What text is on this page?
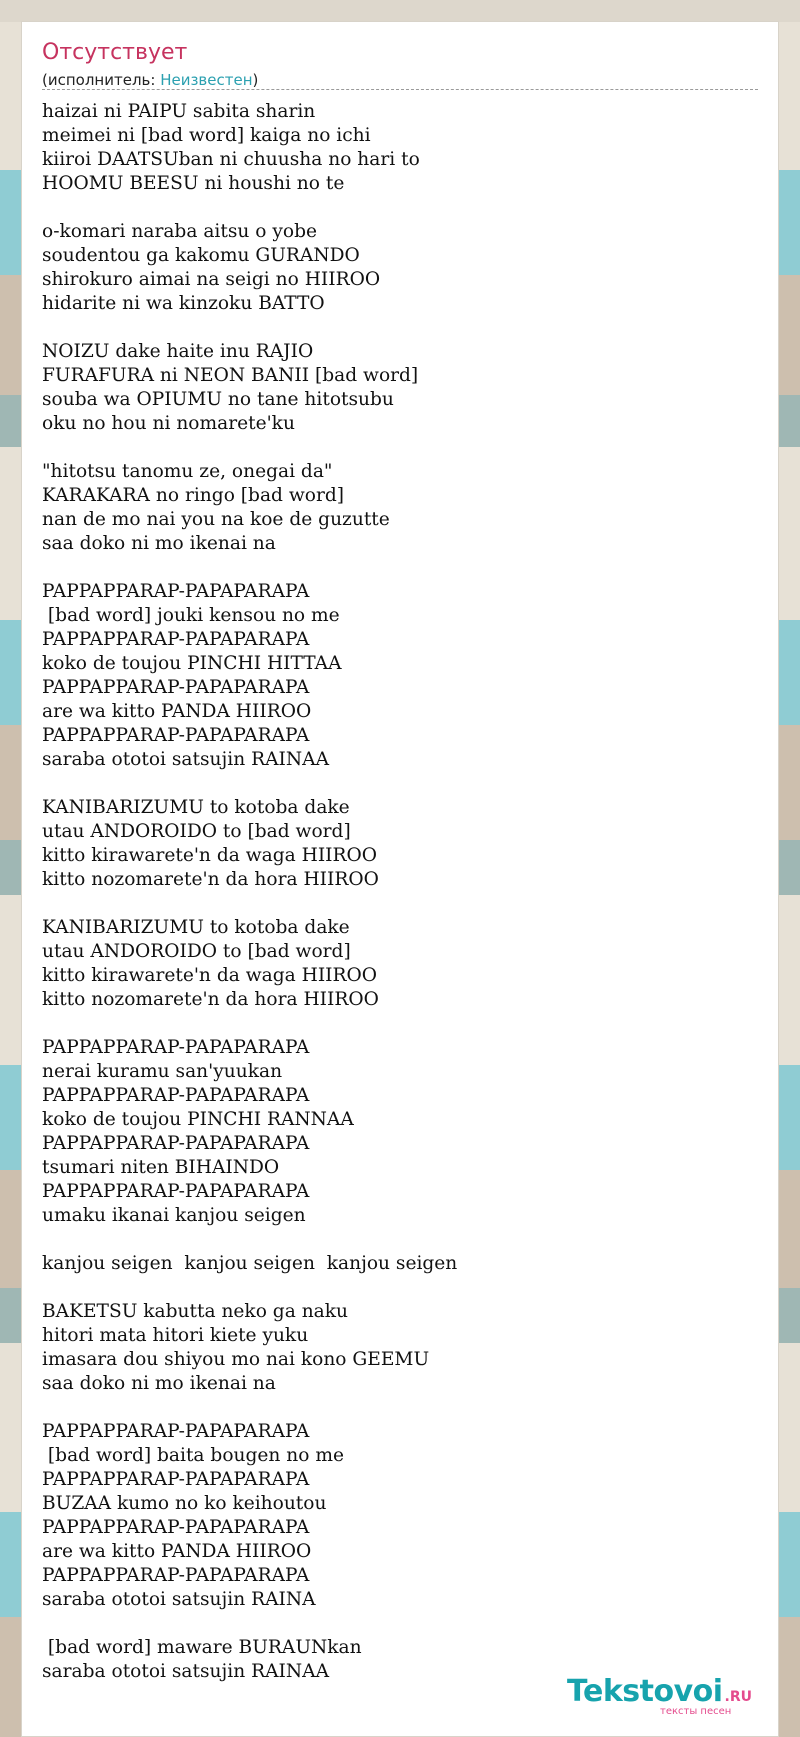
Отсутствует
(исполнитель: Неизвестен)
haizai ni PAIPU sabita sharin
meimei ni [bad word] kaiga no ichi
kiiroi DAATSUban ni chuusha no hari to
HOOMU BEESU ni houshi no te
o-komari naraba aitsu o yobe
soudentou ga kakomu GURANDO
shirokuro aimai na seigi no HIIROO
hidarite ni wa kinzoku BATTO
NOIZU dake haite inu RAJIO
FURAFURA ni NEON BANII [bad word]
souba wa OPIUMU no tane hitotsubu
oku no hou ni nomarete'ku
"hitotsu tanomu ze, onegai da"
KARAKARA no ringo [bad word]
nan de mo nai you na koe de guzutte
saa doko ni mo ikenai na
PAPPAPPARAP-PAPAPARAPA
[bad word] jouki kensou no me
PAPPAPPARAP-PAPAPARAPA
koko de toujou PINCHI HITTAA
PAPPAPPARAP-PAPAPARAPA
are wa kitto PANDA HIIROO
PAPPAPPARAP-PAPAPARAPA
saraba ototoi satsujin RAINAA
KANIBARIZUMU to kotoba dake
utau ANDOROIDO to [bad word]
kitto kirawarete'n da waga HIIROO
kitto nozomarete'n da hora HIIROO
KANIBARIZUMU to kotoba dake
utau ANDOROIDO to [bad word]
kitto kirawarete'n da waga HIIROO
kitto nozomarete'n da hora HIIROO
PAPPAPPARAP-PAPAPARAPA
nerai kuramu san'yuukan
PAPPAPPARAP-PAPAPARAPA
koko de toujou PINCHI RANNAA
PAPPAPPARAP-PAPAPARAPA
tsumari niten BIHAINDO
PAPPAPPARAP-PAPAPARAPA
umaku ikanai kanjou seigen
kanjou seigen  kanjou seigen  kanjou seigen
BAKETSU kabutta neko ga naku
hitori mata hitori kiete yuku
imasara dou shiyou mo nai kono GEEMU
saa doko ni mo ikenai na
PAPPAPPARAP-PAPAPARAPA
[bad word] baita bougen no me
PAPPAPPARAP-PAPAPARAPA
BUZAA kumo no ko keihoutou
PAPPAPPARAP-PAPAPARAPA
are wa kitto PANDA HIIROO
PAPPAPPARAP-PAPAPARAPA
saraba ototoi satsujin RAINA
[bad word] maware BURAUNkan
saraba ototoi satsujin RAINAA
Tekstovoi .RU
тексты песен
